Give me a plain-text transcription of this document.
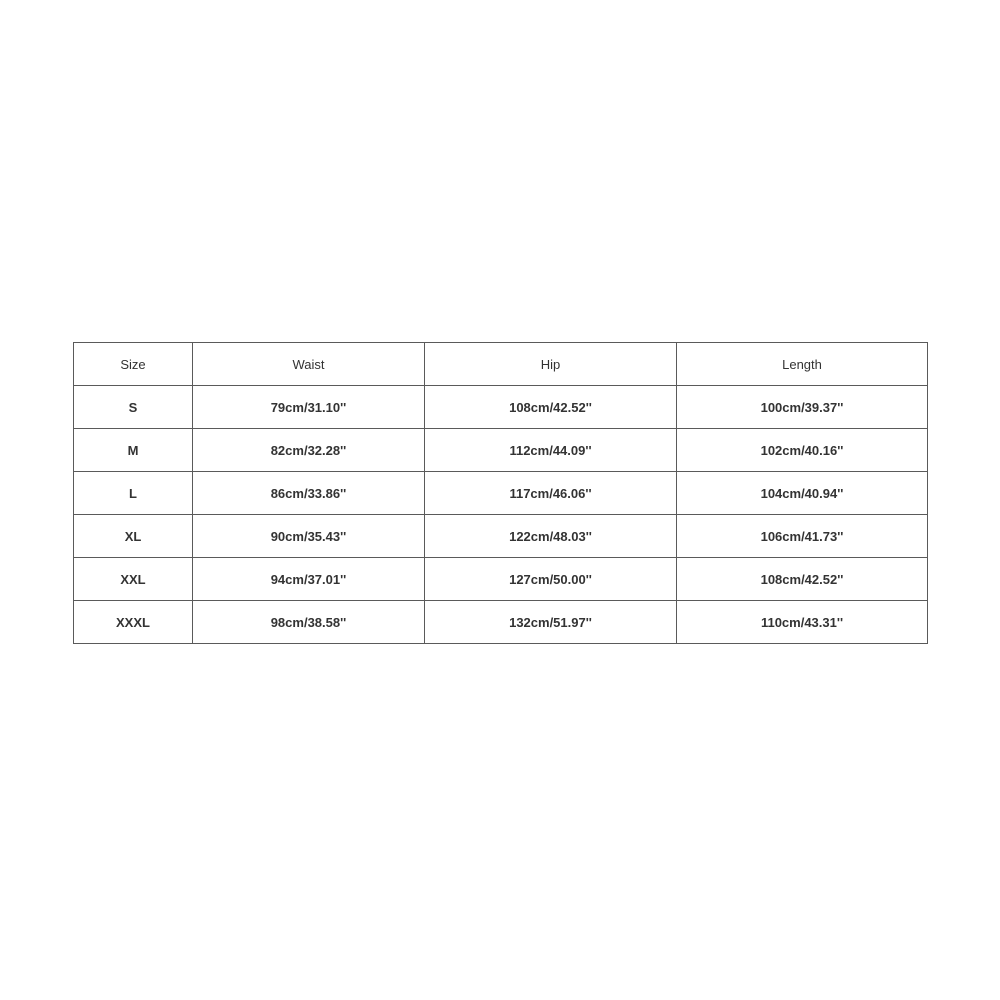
Size	Waist	Hip	Length
S	79cm/31.10''	108cm/42.52''	100cm/39.37''
M	82cm/32.28''	112cm/44.09''	102cm/40.16''
L	86cm/33.86''	117cm/46.06''	104cm/40.94''
XL	90cm/35.43''	122cm/48.03''	106cm/41.73''
XXL	94cm/37.01''	127cm/50.00''	108cm/42.52''
XXXL	98cm/38.58''	132cm/51.97''	110cm/43.31''
